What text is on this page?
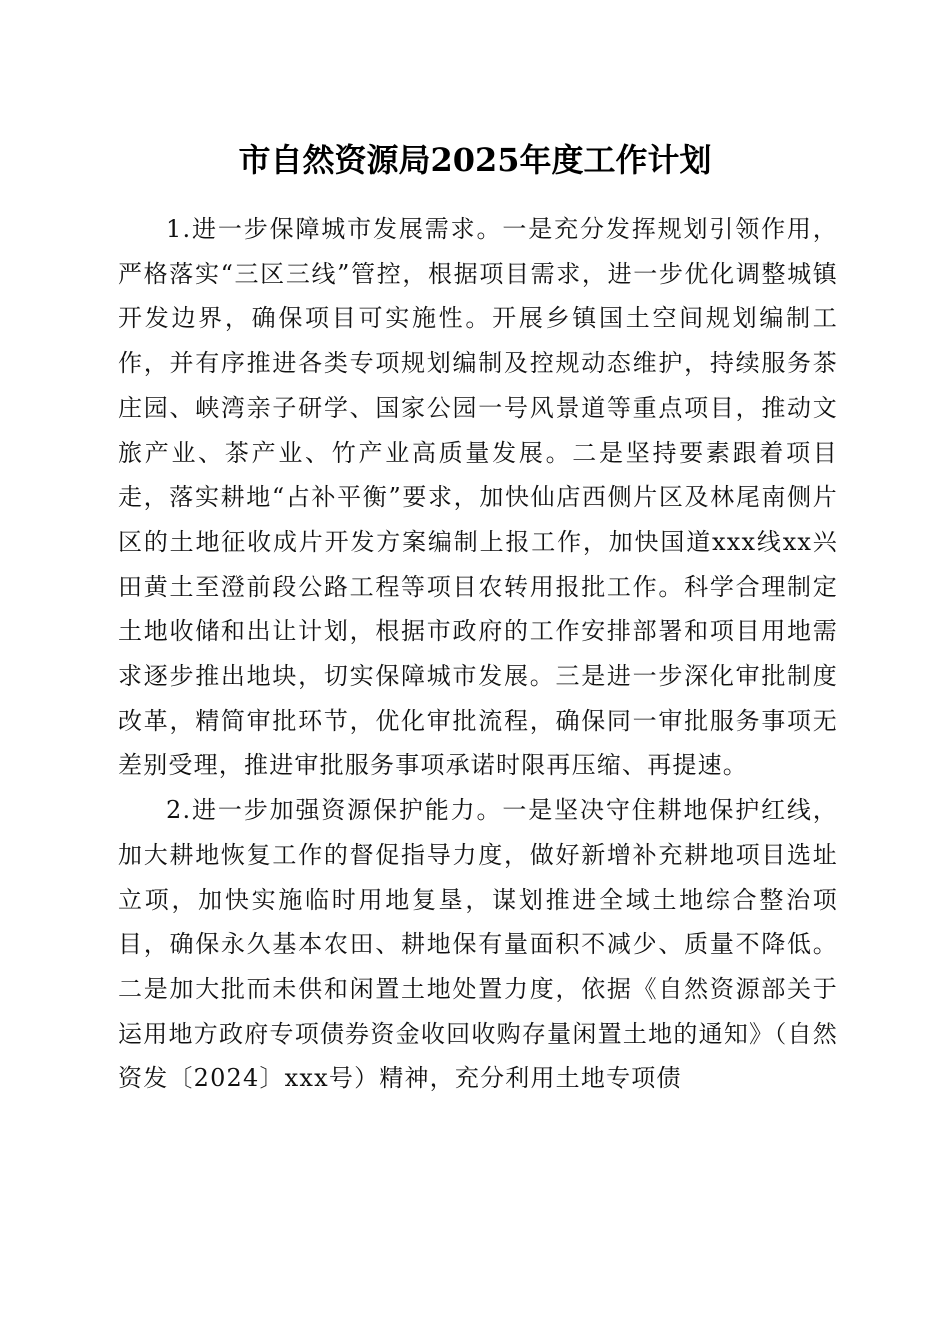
市自然资源局2025年度工作计划

1.进一步保障城市发展需求。一是充分发挥规划引领作用，严格落实“三区三线”管控，根据项目需求，进一步优化调整城镇开发边界，确保项目可实施性。开展乡镇国土空间规划编制工作，并有序推进各类专项规划编制及控规动态维护，持续服务茶庄园、峡湾亲子研学、国家公园一号风景道等重点项目，推动文旅产业、茶产业、竹产业高质量发展。二是坚持要素跟着项目走，落实耕地“占补平衡”要求，加快仙店西侧片区及林尾南侧片区的土地征收成片开发方案编制上报工作，加快国道xxx线xx兴田黄土至澄前段公路工程等项目农转用报批工作。科学合理制定土地收储和出让计划，根据市政府的工作安排部署和项目用地需求逐步推出地块，切实保障城市发展。三是进一步深化审批制度改革，精简审批环节，优化审批流程，确保同一审批服务事项无差别受理，推进审批服务事项承诺时限再压缩、再提速。

2.进一步加强资源保护能力。一是坚决守住耕地保护红线，加大耕地恢复工作的督促指导力度，做好新增补充耕地项目选址立项，加快实施临时用地复垦，谋划推进全域土地综合整治项目，确保永久基本农田、耕地保有量面积不减少、质量不降低。二是加大批而未供和闲置土地处置力度，依据《自然资源部关于运用地方政府专项债券资金收回收购存量闲置土地的通知》（自然资发〔2024〕xxx号）精神，充分利用土地专项债
